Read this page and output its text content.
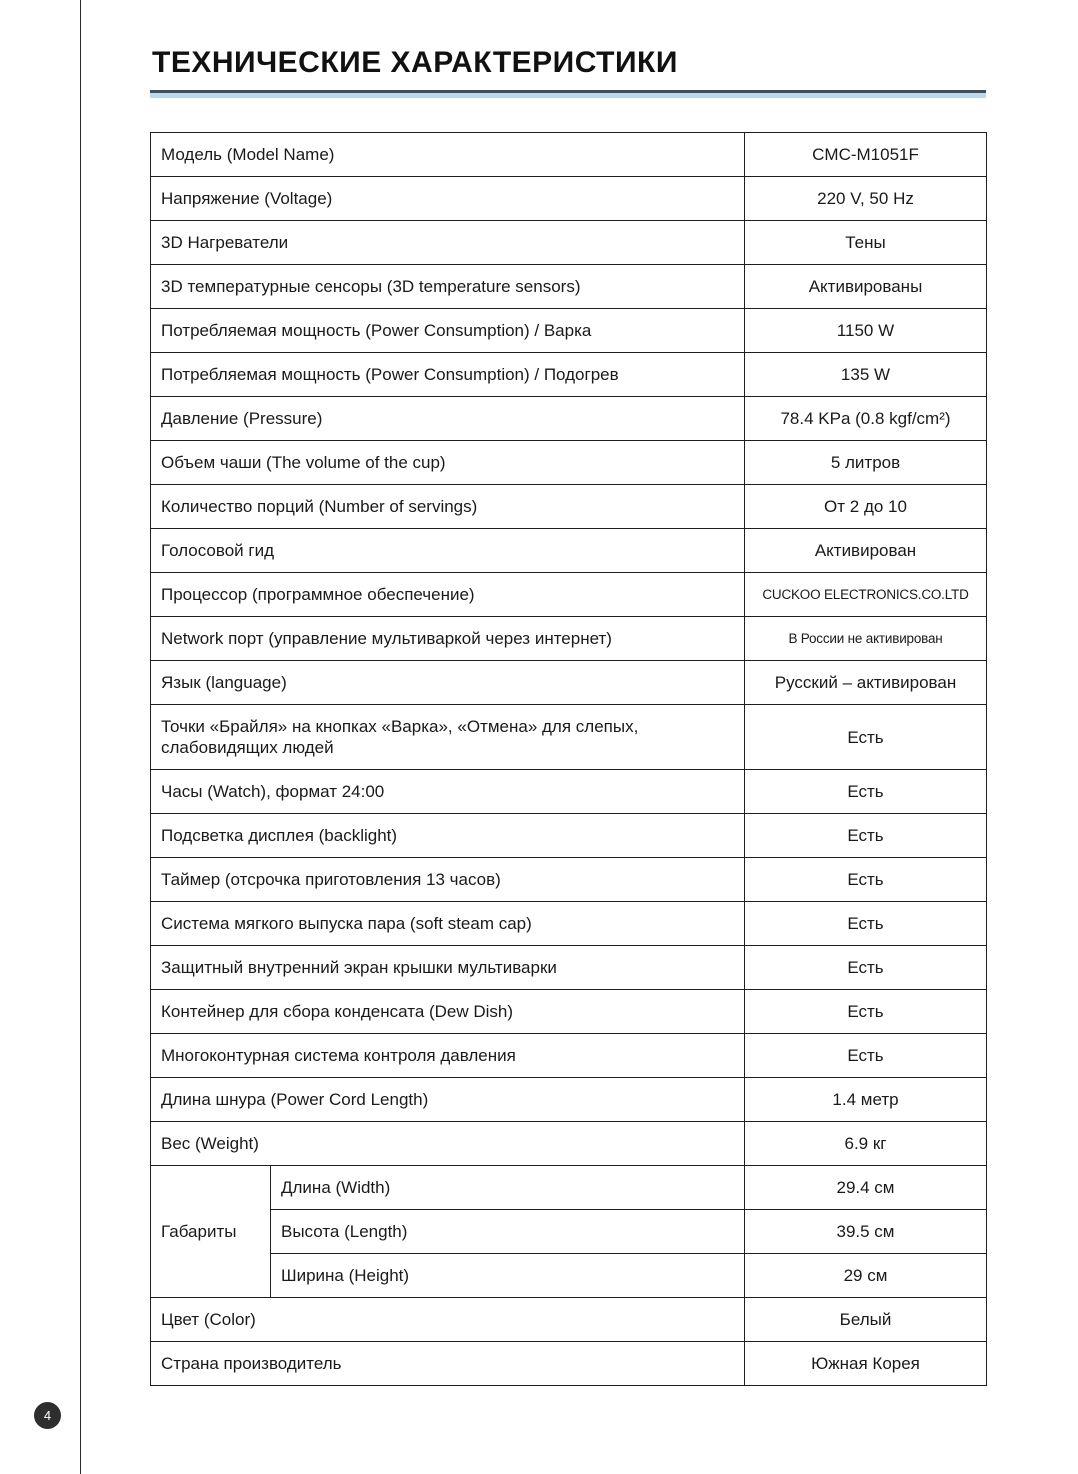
ТЕХНИЧЕСКИЕ ХАРАКТЕРИСТИКИ
Модель (Model Name)		CMC-M1051F
Напряжение (Voltage)		220 V, 50 Hz
3D Нагреватели		Тены
3D температурные сенсоры (3D temperature sensors)		Активированы
Потребляемая мощность (Power Consumption) / Варка		1150 W
Потребляемая мощность (Power Consumption) / Подогрев		135 W
Давление (Pressure)		78.4 KPa (0.8 kgf/cm²)
Объем чаши (The volume of the cup)		5 литров
Количество порций (Number of servings)		От 2 до 10
Голосовой гид		Активирован
Процессор (программное обеспечение)		CUCKOO ELECTRONICS.CO.LTD
Network порт (управление мультиваркой через интернет)		В России не активирован
Язык (language)		Русский – активирован
Точки «Брайля» на кнопках «Варка», «Отмена» для слепых, слабовидящих людей		Есть
Часы (Watch), формат 24:00		Есть
Подсветка дисплея (backlight)		Есть
Таймер (отсрочка приготовления 13 часов)		Есть
Система мягкого выпуска пара (soft steam cap)		Есть
Защитный внутренний экран крышки мультиварки		Есть
Контейнер для сбора конденсата (Dew Dish)		Есть
Многоконтурная система контроля давления		Есть
Длина шнура (Power Cord Length)		1.4 метр
Вес (Weight)		6.9 кг
Габариты	Длина (Width)	29.4 см
	Высота (Length)	39.5 см
	Ширина (Height)	29 см
Цвет (Color)		Белый
Страна производитель		Южная Корея
4
